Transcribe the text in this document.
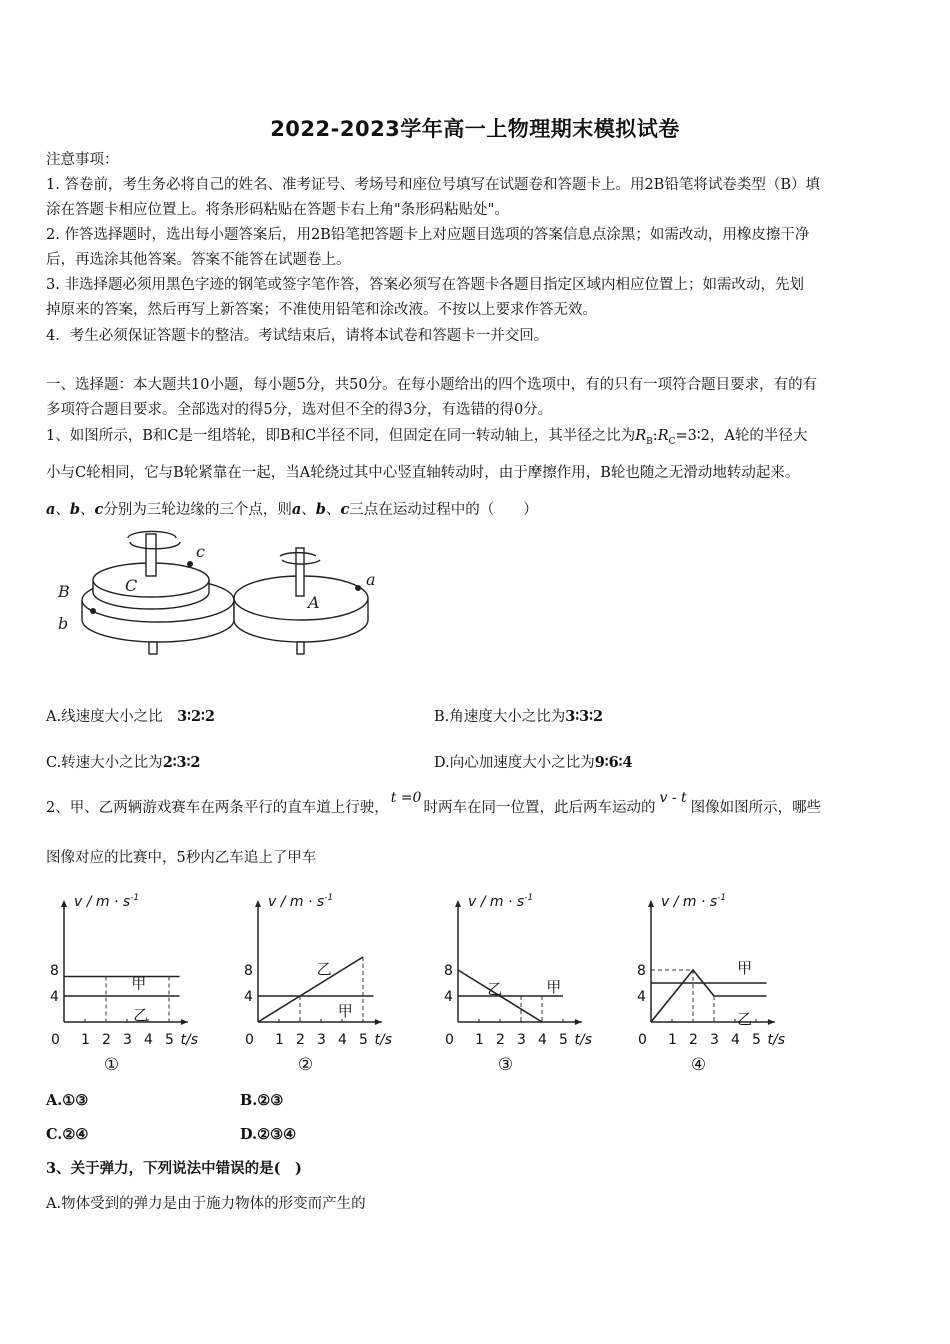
2022-2023学年高一上物理期末模拟试卷
注意事项：
1. 答卷前，考生务必将自己的姓名、准考证号、考场号和座位号填写在试题卷和答题卡上。用2B铅笔将试卷类型（B）填
涂在答题卡相应位置上。将条形码粘贴在答题卡右上角"条形码粘贴处"。
2. 作答选择题时，选出每小题答案后，用2B铅笔把答题卡上对应题目选项的答案信息点涂黑；如需改动，用橡皮擦干净
后，再选涂其他答案。答案不能答在试题卷上。
3. 非选择题必须用黑色字迹的钢笔或签字笔作答，答案必须写在答题卡各题目指定区域内相应位置上；如需改动，先划
掉原来的答案，然后再写上新答案；不准使用铅笔和涂改液。不按以上要求作答无效。
4．考生必须保证答题卡的整洁。考试结束后，请将本试卷和答题卡一并交回。
一、选择题：本大题共10小题，每小题5分，共50分。在每小题给出的四个选项中，有的只有一项符合题目要求，有的有
多项符合题目要求。全部选对的得5分，选对但不全的得3分，有选错的得0分。
1、如图所示，B和C是一组塔轮，即B和C半径不同，但固定在同一转动轴上，其半径之比为$R_B:R_C=3∶2$，A轮的半径大
小与C轮相同，它与B轮紧靠在一起，当A轮绕过其中心竖直轴转动时，由于摩擦作用，B轮也随之无滑动地转动起来。
a、b、c分别为三轮边缘的三个点，则a、b、c三点在运动过程中的（　　）
c
C
B
b
A
a
A.线速度大小之比　3∶2∶2	B.角速度大小之比为3∶3∶2
C.转速大小之比为2∶3∶2	D.向心加速度大小之比为9∶6∶4
2、甲、乙两辆游戏赛车在两条平行的直车道上行驶，t =0时两车在同一位置，此后两车运动的v - t图像如图所示，哪些
图像对应的比赛中，5秒内乙车追上了甲车
$v / m \cdot s^{-1}$
0 1 2 3 4 5 t/s
8
4
甲
乙
①
$v / m \cdot s^{-1}$
0 1 2 3 4 5 t/s
8
4
乙
甲
②
$v / m \cdot s^{-1}$
0 1 2 3 4 5 t/s
8
4 乙	甲
③
$v / m \cdot s^{-1}$
0 1 2 3 4 5 t/s
8
4
甲
乙
④
A.①③	B.②③
C.②④	D.②③④
3、关于弹力，下列说法中错误的是(　)
A.物体受到的弹力是由于施力物体的形变而产生的
